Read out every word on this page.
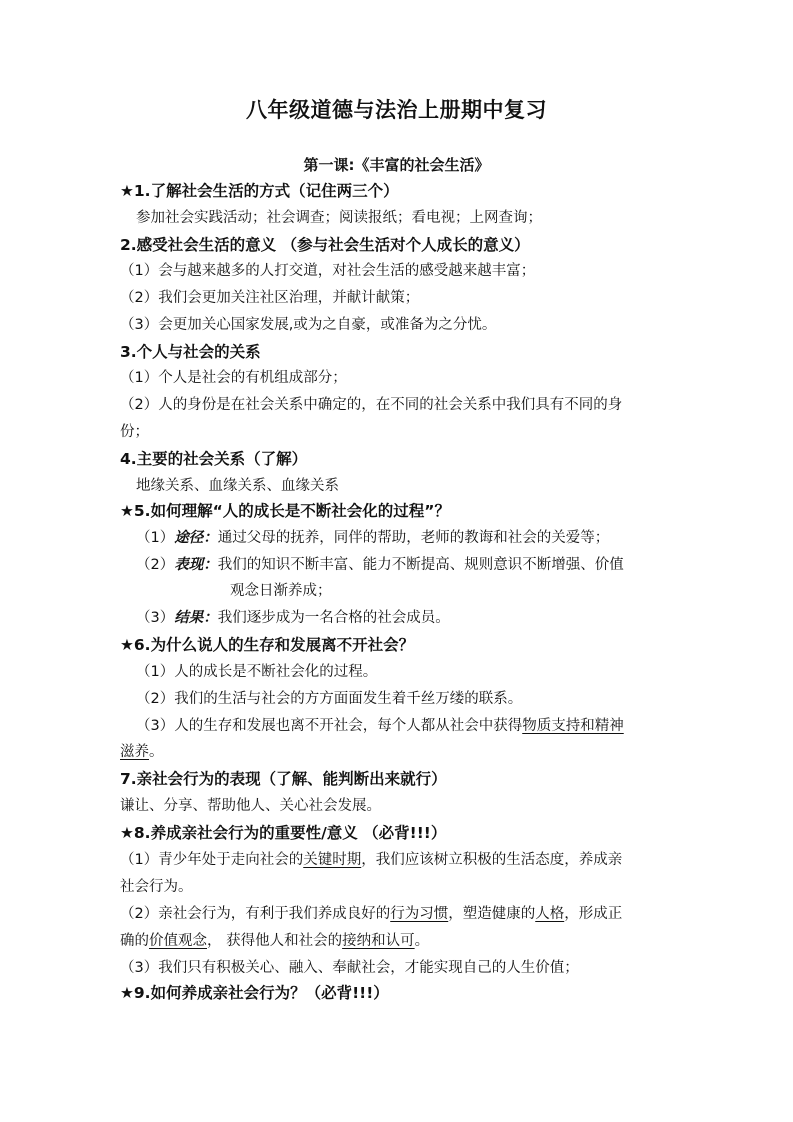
八年级道德与法治上册期中复习
第一课:《丰富的社会生活》
★1.了解社会生活的方式（记住两三个）
参加社会实践活动；社会调查；阅读报纸；看电视；上网查询；
2.感受社会生活的意义 （参与社会生活对个人成长的意义）
（1）会与越来越多的人打交道，对社会生活的感受越来越丰富；
（2）我们会更加关注社区治理，并献计献策；
（3）会更加关心国家发展,或为之自豪，或准备为之分忧。
3.个人与社会的关系
（1）个人是社会的有机组成部分；
（2）人的身份是在社会关系中确定的，在不同的社会关系中我们具有不同的身
份；
4.主要的社会关系（了解）
地缘关系、血缘关系、血缘关系
★5.如何理解“人的成长是不断社会化的过程”？
（1）途径：通过父母的抚养，同伴的帮助，老师的教诲和社会的关爱等；
（2）表现：我们的知识不断丰富、能力不断提高、规则意识不断增强、价值
观念日渐养成；
（3）结果：我们逐步成为一名合格的社会成员。
★6.为什么说人的生存和发展离不开社会？
（1）人的成长是不断社会化的过程。
（2）我们的生活与社会的方方面面发生着千丝万缕的联系。
（3）人的生存和发展也离不开社会，每个人都从社会中获得物质支持和精神
滋养。
7.亲社会行为的表现（了解、能判断出来就行）
谦让、分享、帮助他人、关心社会发展。
★8.养成亲社会行为的重要性/意义 （必背!!!）
（1）青少年处于走向社会的关键时期，我们应该树立积极的生活态度，养成亲
社会行为。
（2）亲社会行为，有利于我们养成良好的行为习惯，塑造健康的人格，形成正
确的价值观念， 获得他人和社会的接纳和认可。
（3）我们只有积极关心、融入、奉献社会，才能实现自己的人生价值；
★9.如何养成亲社会行为？（必背!!!）
